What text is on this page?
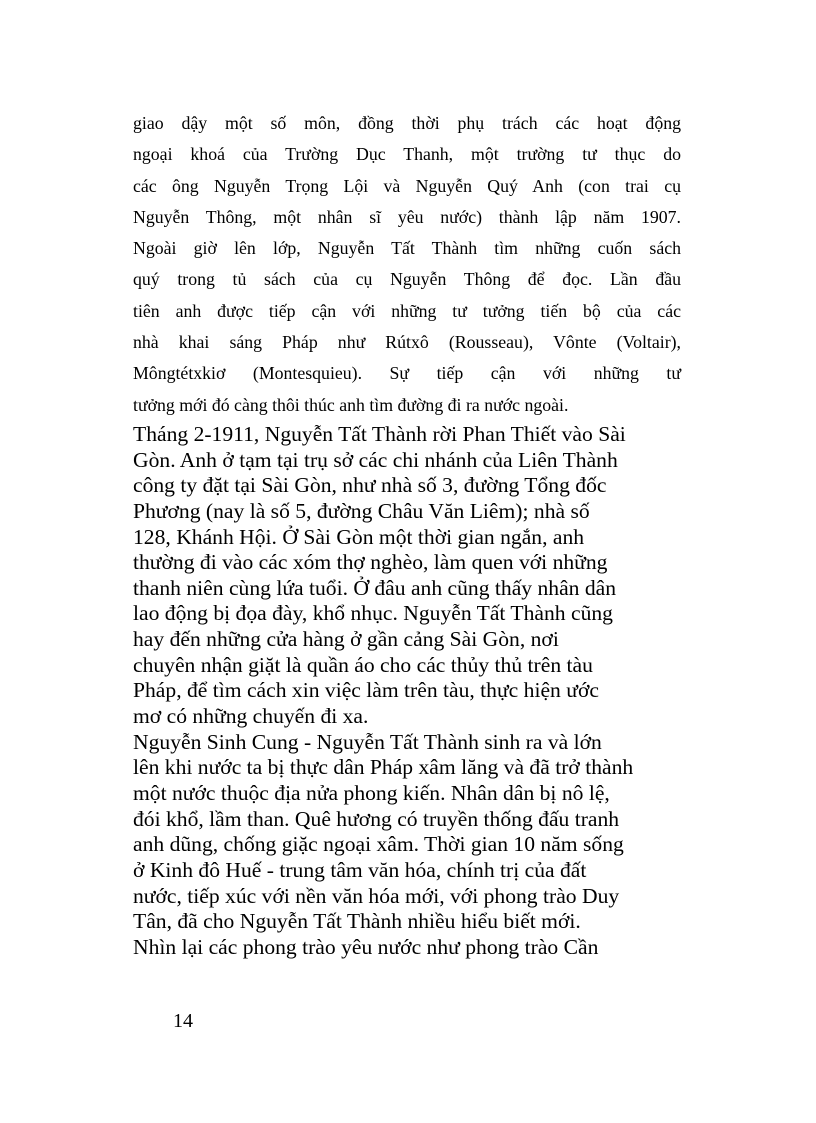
giao dậy một số môn, đồng thời phụ trách các hoạt động
ngoại khoá của Trường Dục Thanh, một trường tư thục do
các ông Nguyễn Trọng Lội và Nguyễn Quý Anh (con trai cụ
Nguyễn Thông, một nhân sĩ yêu nước) thành lập năm 1907.
Ngoài giờ lên lớp, Nguyễn Tất Thành tìm những cuốn sách
quý trong tủ sách của cụ Nguyễn Thông để đọc. Lần đầu
tiên anh được tiếp cận với những tư tưởng tiến bộ của các
nhà khai sáng Pháp như Rútxô (Rousseau), Vônte (Voltair),
Môngtétxkiơ (Montesquieu). Sự tiếp cận với những tư
tưởng mới đó càng thôi thúc anh tìm đường đi ra nước ngoài.
Tháng 2-1911, Nguyễn Tất Thành rời Phan Thiết vào Sài
Gòn. Anh ở tạm tại trụ sở các chi nhánh của Liên Thành
công ty đặt tại Sài Gòn, như nhà số 3, đường Tổng đốc
Phương (nay là số 5, đường Châu Văn Liêm); nhà số
128, Khánh Hội. Ở Sài Gòn một thời gian ngắn, anh
thường đi vào các xóm thợ nghèo, làm quen với những
thanh niên cùng lứa tuổi. Ở đâu anh cũng thấy nhân dân
lao động bị đọa đày, khổ nhục. Nguyễn Tất Thành cũng
hay đến những cửa hàng ở gần cảng Sài Gòn, nơi
chuyên nhận giặt là quần áo cho các thủy thủ trên tàu
Pháp, để tìm cách xin việc làm trên tàu, thực hiện ước
mơ có những chuyến đi xa.
Nguyễn Sinh Cung - Nguyễn Tất Thành sinh ra và lớn
lên khi nước ta bị thực dân Pháp xâm lăng và đã trở thành
một nước thuộc địa nửa phong kiến. Nhân dân bị nô lệ,
đói khổ, lầm than. Quê hương có truyền thống đấu tranh
anh dũng, chống giặc ngoại xâm. Thời gian 10 năm sống
ở Kinh đô Huế - trung tâm văn hóa, chính trị của đất
nước, tiếp xúc với nền văn hóa mới, với phong trào Duy
Tân, đã cho Nguyễn Tất Thành nhiều hiểu biết mới.
Nhìn lại các phong trào yêu nước như phong trào Cần
14
